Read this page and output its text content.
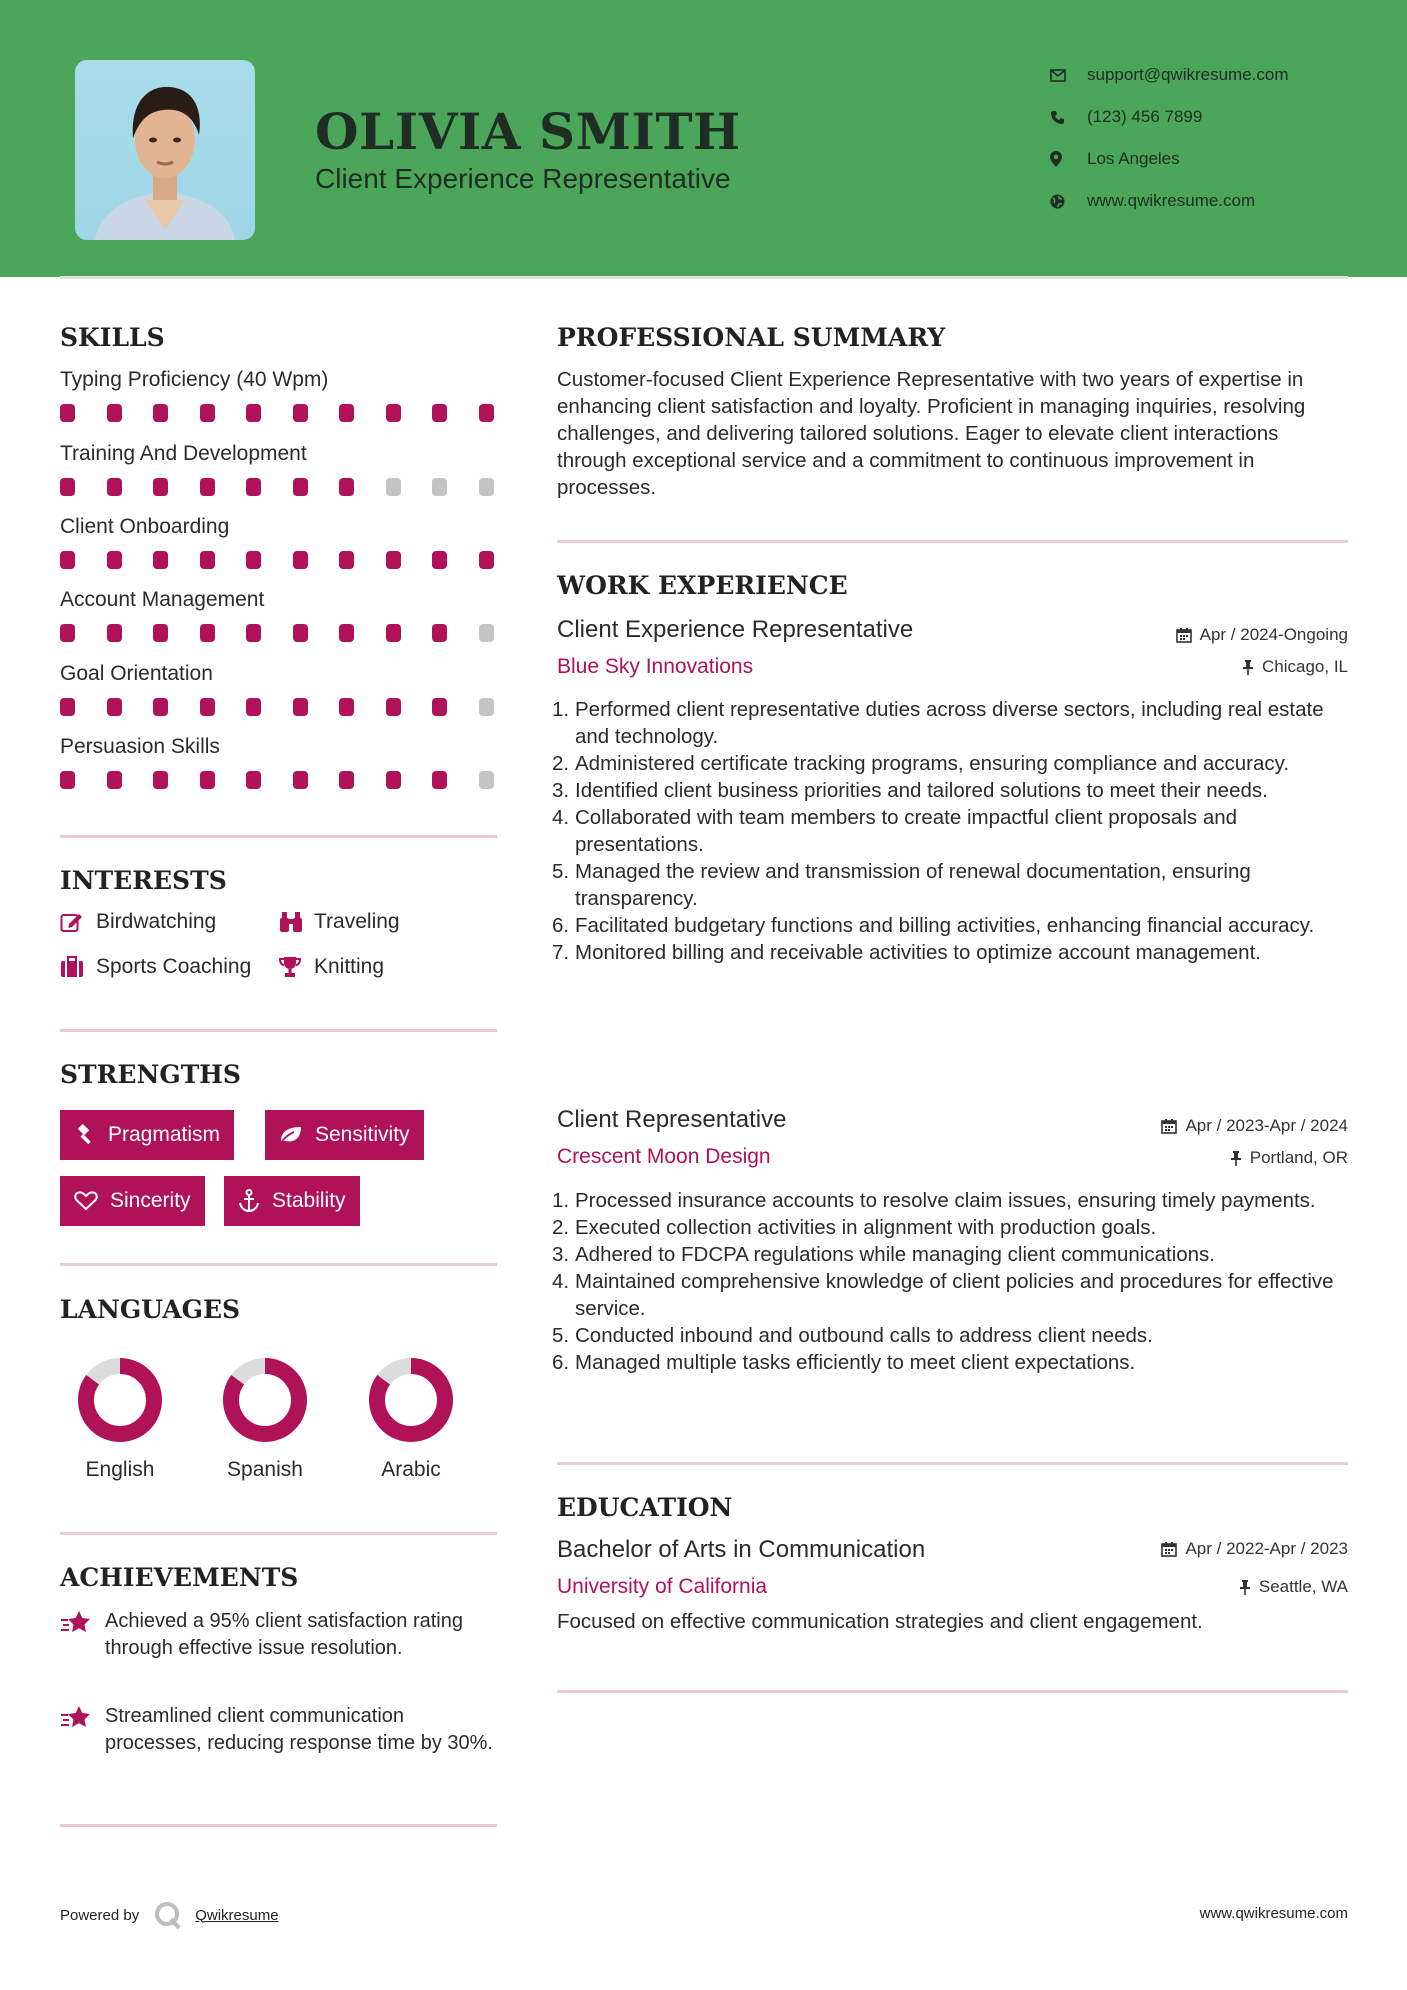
OLIVIA SMITH
Client Experience Representative
support@qwikresume.com
(123) 456 7899
Los Angeles
www.qwikresume.com
SKILLS
Typing Proficiency (40 Wpm)
Training And Development
Client Onboarding
Account Management
Goal Orientation
Persuasion Skills
INTERESTS
Birdwatching	Traveling
Sports Coaching	Knitting
STRENGTHS
Pragmatism	Sensitivity
Sincerity	Stability
LANGUAGES
English	Spanish	Arabic
ACHIEVEMENTS
Achieved a 95% client satisfaction rating through effective issue resolution.
Streamlined client communication processes, reducing response time by 30%.
PROFESSIONAL SUMMARY
Customer-focused Client Experience Representative with two years of expertise in enhancing client satisfaction and loyalty. Proficient in managing inquiries, resolving challenges, and delivering tailored solutions. Eager to elevate client interactions through exceptional service and a commitment to continuous improvement in processes.
WORK EXPERIENCE
Client Experience Representative	Apr / 2024-Ongoing
Blue Sky Innovations	Chicago, IL
Performed client representative duties across diverse sectors, including real estate and technology.
Administered certificate tracking programs, ensuring compliance and accuracy.
Identified client business priorities and tailored solutions to meet their needs.
Collaborated with team members to create impactful client proposals and presentations.
Managed the review and transmission of renewal documentation, ensuring transparency.
Facilitated budgetary functions and billing activities, enhancing financial accuracy.
Monitored billing and receivable activities to optimize account management.
Client Representative	Apr / 2023-Apr / 2024
Crescent Moon Design	Portland, OR
Processed insurance accounts to resolve claim issues, ensuring timely payments.
Executed collection activities in alignment with production goals.
Adhered to FDCPA regulations while managing client communications.
Maintained comprehensive knowledge of client policies and procedures for effective service.
Conducted inbound and outbound calls to address client needs.
Managed multiple tasks efficiently to meet client expectations.
EDUCATION
Bachelor of Arts in Communication	Apr / 2022-Apr / 2023
University of California	Seattle, WA
Focused on effective communication strategies and client engagement.
Powered by	Qwikresume	www.qwikresume.com
